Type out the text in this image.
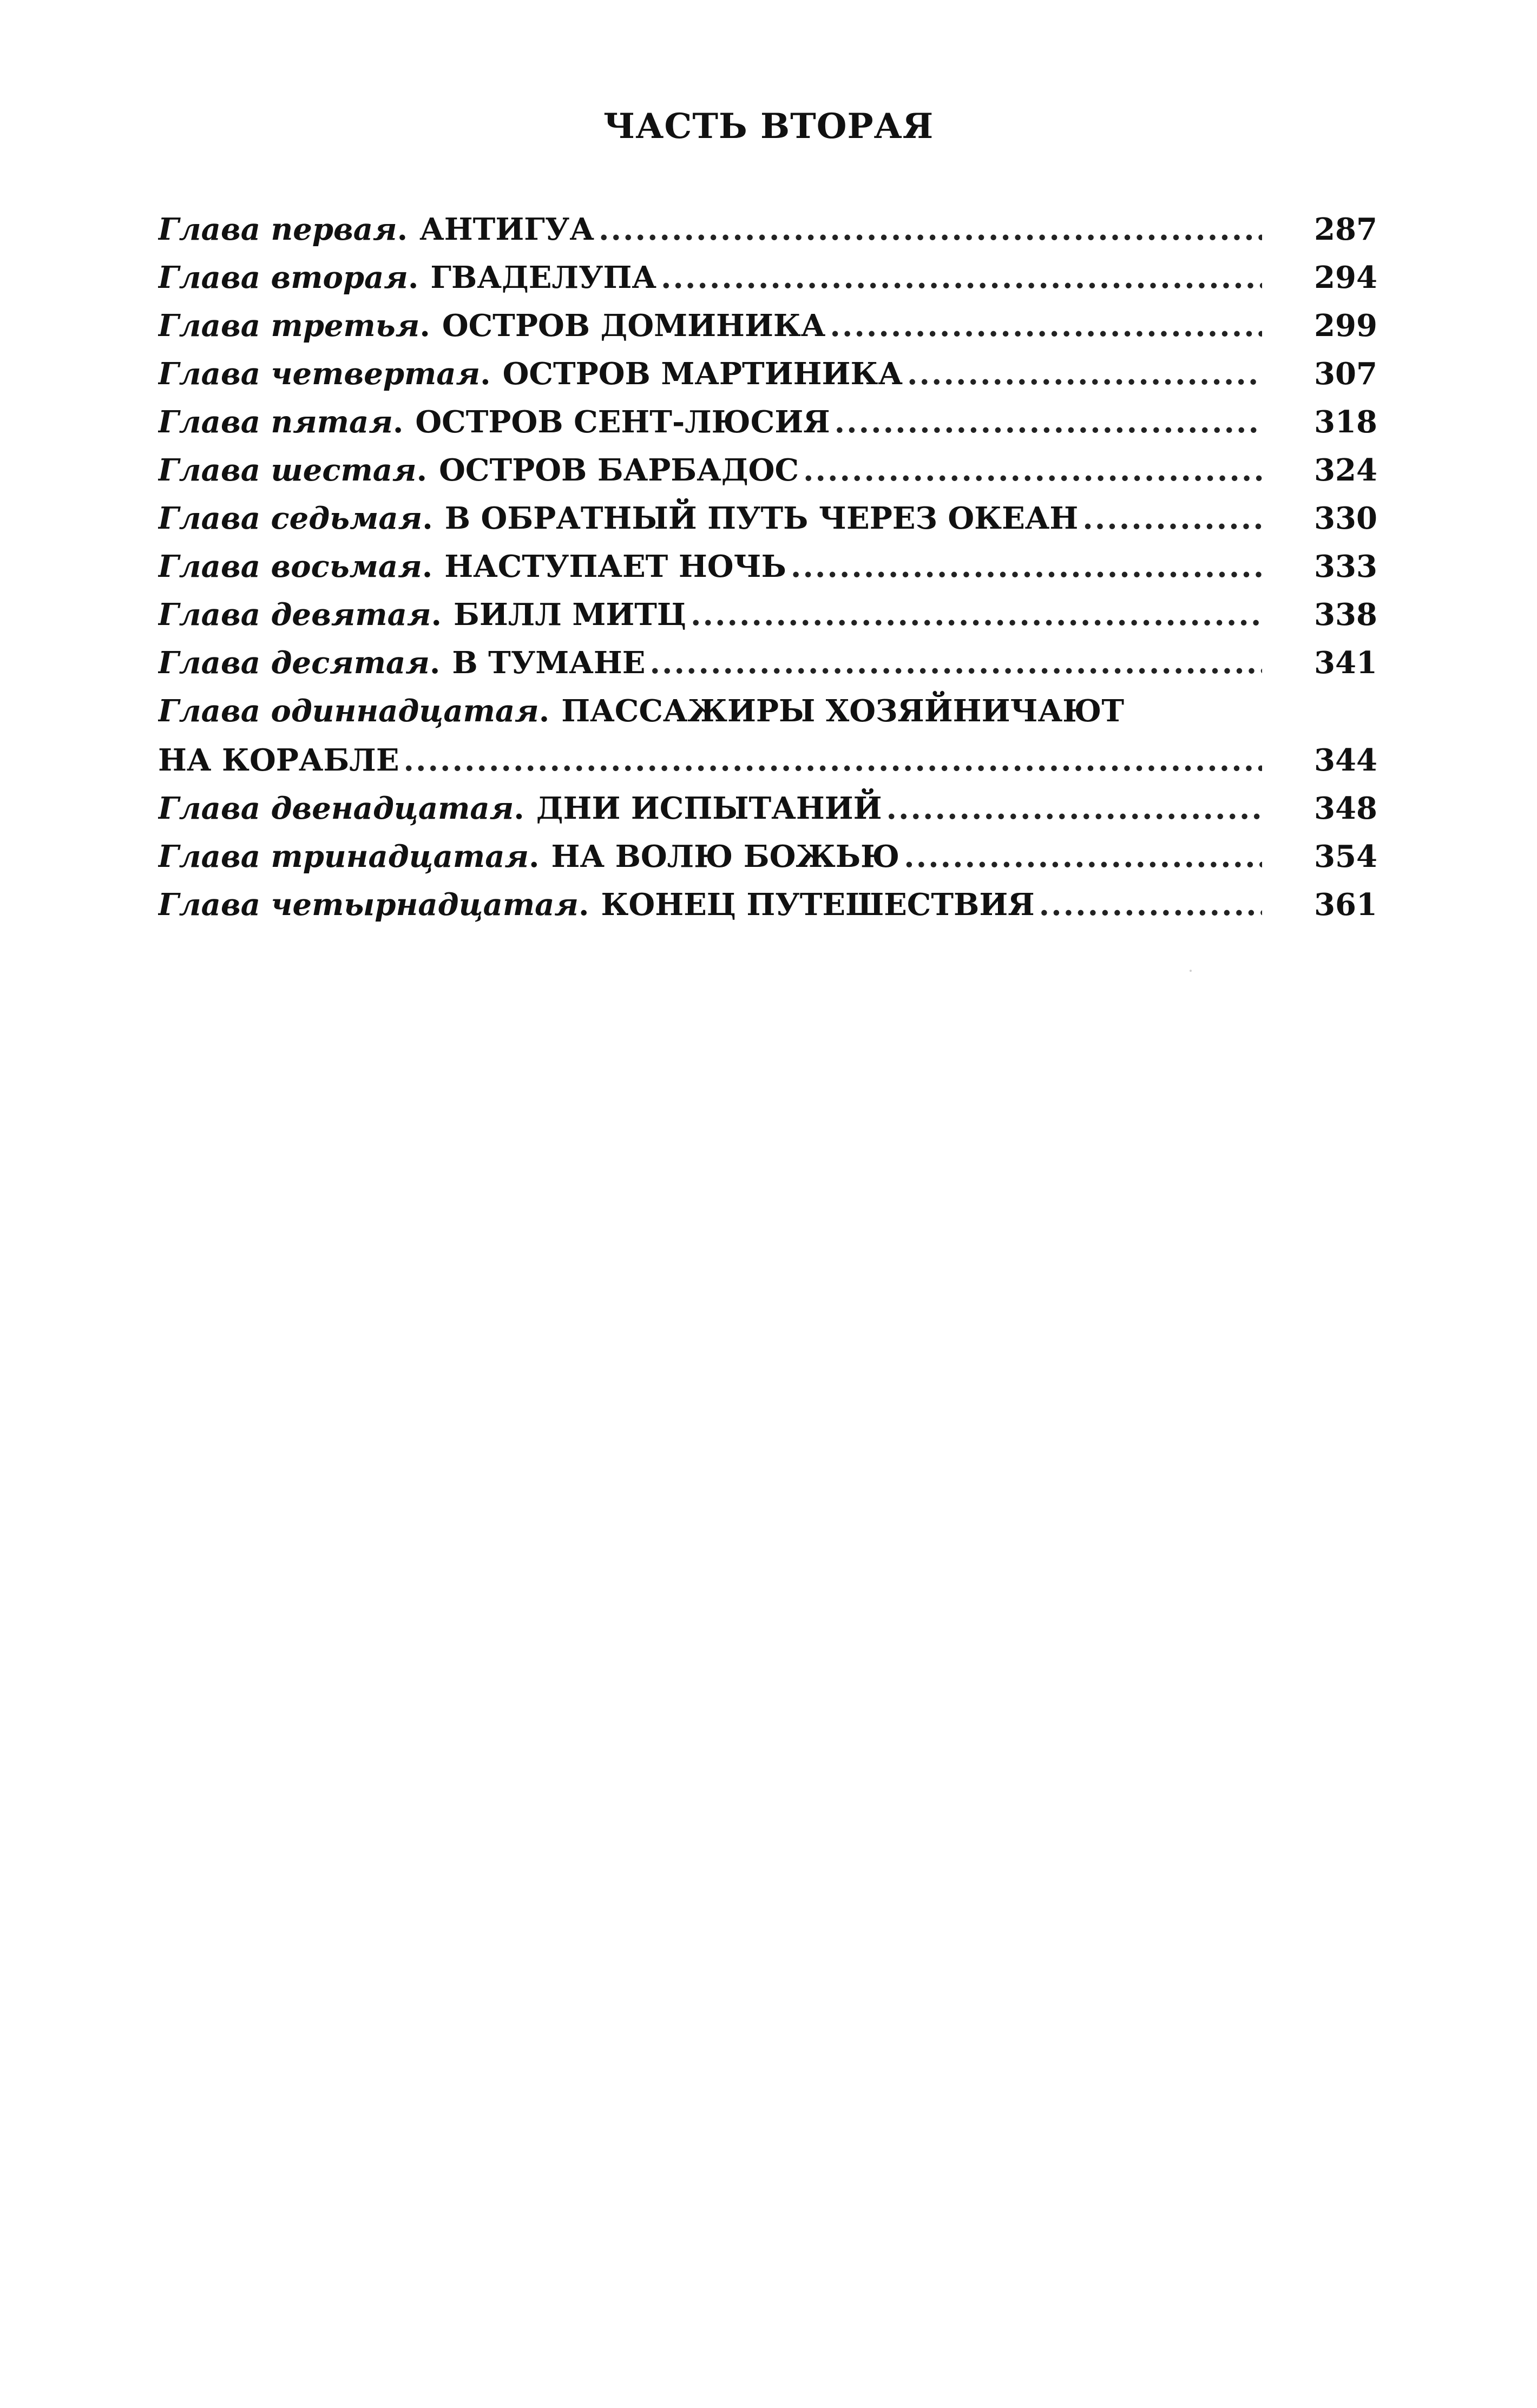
ЧАСТЬ ВТОРАЯ
Глава первая . АНТИГУА .....	287
Глава вторая . ГВАДЕЛУПА .....	294
Глава третья . ОСТРОВ ДОМИНИКА .....	299
Глава четвертая . ОСТРОВ МАРТИНИКА .....	307
Глава пятая . ОСТРОВ СЕНТ-ЛЮСИЯ .....	318
Глава шестая . ОСТРОВ БАРБАДОС .....	324
Глава седьмая . В ОБРАТНЫЙ ПУТЬ ЧЕРЕЗ ОКЕАН .....	330
Глава восьмая . НАСТУПАЕТ НОЧЬ .....	333
Глава девятая . БИЛЛ МИТЦ .....	338
Глава десятая . В ТУМАНЕ .....	341
Глава одиннадцатая . ПАССАЖИРЫ ХОЗЯЙНИЧАЮТ
НА КОРАБЛЕ .....	344
Глава двенадцатая . ДНИ ИСПЫТАНИЙ .....	348
Глава тринадцатая . НА ВОЛЮ БОЖЬЮ .....	354
Глава четырнадцатая . КОНЕЦ ПУТЕШЕСТВИЯ .....	361
